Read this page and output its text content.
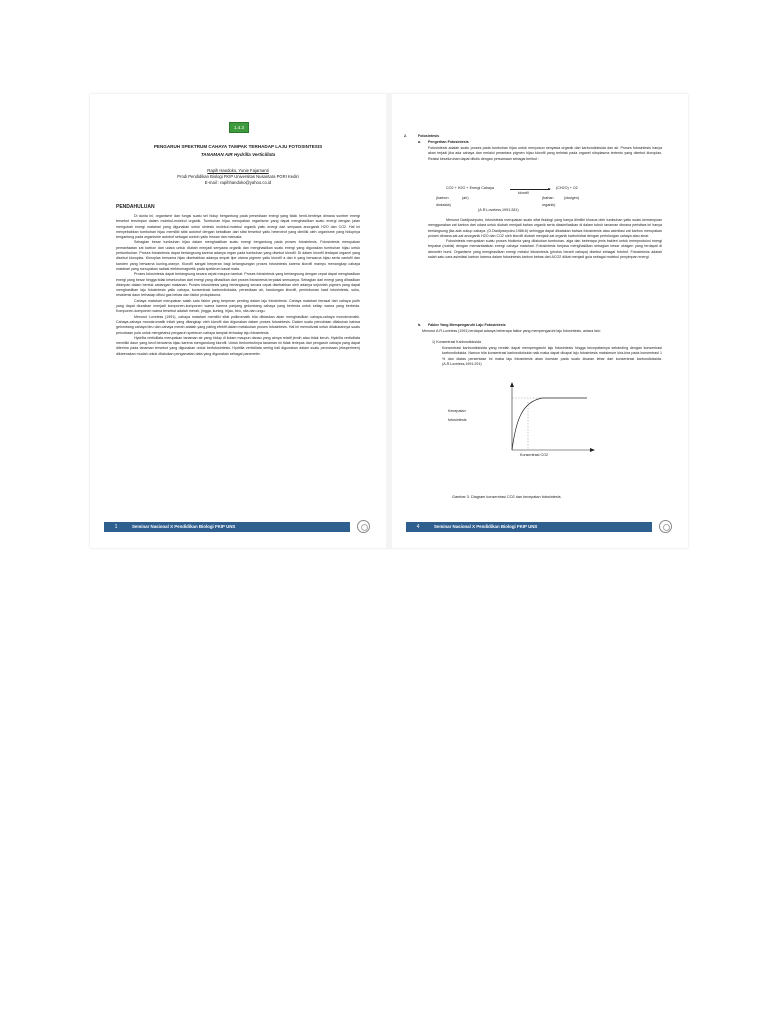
1.4.3
PENGARUH SPEKTRUM CAHAYA TAMPAK TERHADAP LAJU FOTOSINTESIS
TANAMAN AIR Hydrilla Verticillata
Rapih Handoko, Yunie Fajarnanti
Prodi Pendidikan Biologi FKIP Universitas Nusantara PGRI Kediri
E-mail : rapihhandoko@yahoo.co.id
PENDAHULUAN

Di dunia ini, organisme dan fungsi suatu sel hidup bergantung pada persediaan energi yang tidak henti-hentinya dimana sumber energi tersebut tersimpan dalam molekul-molekul organik. Tumbuhan hijau merupakan organisme yang dapat menghasilkan suatu energi dengan jalan mengubah energi matahari yang digunakan untuk sintesis molekul-molekul organik yaitu energi dari senyawa anorganik H2O dan CO2. Hal ini menyebabkan tumbuhan hijau memiliki sifat autotrof dengan kebalikan dari sifat tersebut yaitu heterotrof yang dimiliki oleh organisme yang hidupnya bergantung pada organisme autotrof sebagai contoh yaitu hewan dan manusia.

Sebagian besar tumbuhan hijau dalam menghasilkan suatu energi bergantung pada proses fotosintesis. Fotosintesis merupakan pemanfaatan zat karbon dari udara untuk diubah menjadi senyawa organik dan menghasilkan suatu energi yang digunakan tumbuhan hijau untuk pertumbuhan. Proses fotosintesis dapat berlangsung karena adanya organ pada tumbuhan yang disebut klorofil. Di dalam klorofil terdapat organel yang disebut kloroplas. Kloroplas bersama hijau disebabkan adanya empat tipe utama pigmen yaitu klorofil a dan b yang berwarna hijau serta xantofil dan karoten yang berwarna kuning-oranye. Klorofil sangat berperan bagi kelangsungan proses fotosintesis karena klorofil mampu menangkap cahaya matahari yang merupakan radiasi elektromagnetik pada spektrum kasat mata.

Proses fotosintesis dapat berlangsung secara cepat maupun lambat. Proses fotosintesis yang berlangsung dengan cepat dapat menghasilkan energi yang besar hingga tidak keseluruhan dari energi yang dihasilkan dari proses fotosintesis terpakai semuanya. Sebagian dari energi yang dihasilkan disimpan dalam bentuk cadangan makanan. Proses fotosintesis yang berlangsung secara cepat disebabkan oleh adanya sejumlah pigmen yang dapat menghasilkan laju fotosintesis yaitu cahaya, konsentrasi karbondioksida, persediaan air, kandungan klorofil, penimbunan hasil fotosintesis, suhu, resistensi daun terhadap difusi gas bebas dan faktor protoplasma.

Cahaya matahari merupakan salah satu faktor yang berperan penting dalam laju fotosintesis. Cahaya matahari berasal dari cahaya putih yang dapat diuraikan menjadi komponen-komponen warna karena panjang gelombang cahaya yang berbeda untuk setiap warna yang berbeda. Komponen-komponen warna tersebut adalah merah, jingga, kuning, hijau, biru, nila dan ungu.

Menurut Loveless (1991), cahaya matahari memiliki sifat polikromatik bila dibiaskan akan menghasilkan cahaya-cahaya monokromatik. Cahaya-cahaya monokromatik inilah yang ditangkap oleh klorofil dan digunakan dalam proses fotosintesis. Dalam suatu percobaan dilakukan bahwa gelombang cahaya biru dan cahaya merah adalah yang paling efektif dalam melakukan proses fotosintesis. Hal ini memotivasi untuk dilakukannya suatu percobaan pula untuk mengetahui pengaruh spektrum cahaya tampak terhadap laju fotosintesis.

Hydrilla verticillata merupakan tanaman air yang hidup di kolam maupun danau yang airnya relatif jernih atau tidak keruh. Hydrilla verticillata memiliki daun yang kecil berwarna hijau karena mengandung klorofil. Untuk berlumbuhnya tanaman ini tidak terlepas dari pengaruh cahaya yang dapat diterima pada tanaman tersebut yang digunakan untuk berfotosintesis. Hydrilla verticillata sering kali digunakan dalam suatu percobaan (eksperimen) dikarenakan mudah untuk dilakukan pengamatan data yang digunakan sebagai parameter.

1	Seminar Nasional X Pendidikan Biologi FKIP UNS
2.	Fotosintesis
a. Pengertian Fotosintesis
Fotosintesis adalah suatu proses pada tumbuhan hijau untuk menyusun senyawa organik dari karbondioksida dan air. Proses fotosintesis hanya akan terjadi jika ada cahaya dan melalui perantara pigmen hijau klorofil yang terletak pada organel sitoplasma tertentu yang disebut kloroplas. Reaksi keseluruhan dapat ditulis dengan persamaan sebagai berikut :
CO2 + H2O + Energi Cahaya
klorofil
(CH2O) + O2
(karbon	(air)
dioksida)
(bahan	(oksigen)
organik)
(A.R.Loveless,1991:281)

Menurut Dwidjoseputro, fotosintesis merupakan suatu sifat fisiologi yang hanya dimiliki khusus oleh tumbuhan yaitu suatu kemampuan menggunakan zat karbon dari udara untuk diubah menjadi bahan organik serta diasimilasikan di dalam tubuh tanaman dimana peristiwa ini hanya berlangsung jika ada cukup cahaya. (D.Dwidjoseputro,1986:6) sehingga dapat dikatakan bahwa fotosintesis atau asimilasi zat karbon merupakan proses dimana zat-zat anorganik H2O dan CO2 oleh klorofil diubah menjadi zat organik karbohidrat dengan pertolongan cahaya atau sinar.

Fotosintesis merupakan suatu proses biokimia yang dilakukan tumbuhan, alga dan beberapa jenis bakteri untuk memproduksi energi terpakai (nutrisi) dengan memanfaatkan energi cahaya matahari. Fotosintesis berjasa menghasilkan sebagian besar oksigen yang terdapat di atmosfer bumi. Organisme yang menghasilkan energi melalui fotosintesis (photos berarti cahaya) disebut sebagai fototrof. Fotosintesis adalah salah satu cara asimilasi karbon karena dalam fotosintesis karbon bebas dari ACO2 diikat menjadi gula sebagai molekul penyimpan energi.

b. Faktor Yang Mempengaruhi Laju Fotosintesis
Menurut A.R.Loveless (1991) terdapat adanya beberapa faktor yang mempengaruhi laju fotosintesis, antara lain:
1) Konsentrasi Karbondioksida
Konsentrasi karbondioksida yang rendah dapat mempengaruhi laju fotosintesis hingga kecepatannya sebanding dengan konsentrasi karbondioksida. Namun bila konsentrasi karbondioksida naik maka dapat dicapai laju fotosintesis maksimum kira-kira pada konsentrasi 1 % dan diatas persentase ini maka laju fotosintesis akan konstan pada suatu kisaran lebar dari konsentrasi karbondioksida. (A.R.Loveless,1991:291)
Kecepatan
fotosintesis
Konsentrasi CO2
Gambar 3. Diagram konsentrasi CO2 dan kecepatan fotosintesis
4	Seminar Nasional X Pendidikan Biologi FKIP UNS
